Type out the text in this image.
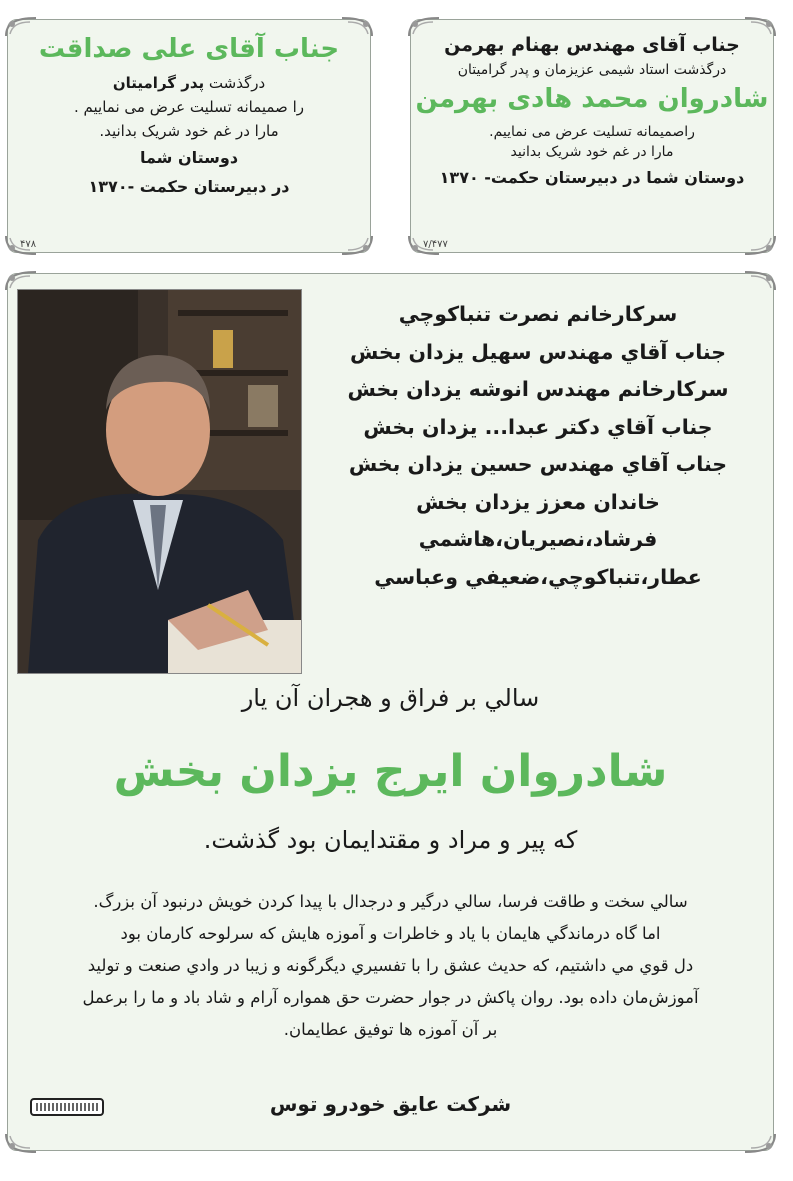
جناب آقای مهندس بهنام بهرمن
درگذشت استاد شیمی عزیزمان و پدر گرامیتان
شادروان محمد هادی بهرمن
راصمیمانه تسلیت عرض می نماییم.
مارا در غم خود شریک بدانید
دوستان شما در دبیرستان حکمت- ۱۳۷۰
۷/۴۷۷
جناب آقای علی صداقت
درگذشت پدر گرامیتان
را صمیمانه تسلیت عرض می نماییم .
مارا در غم خود شریک بدانید.
دوستان شما
در دبیرستان حکمت -۱۳۷۰
۴۷۸
سركارخانم نصرت تنباكوچي
جناب آقاي مهندس سهيل يزدان بخش
سركارخانم مهندس انوشه يزدان بخش
جناب آقاي دكتر عبدا... يزدان بخش
جناب آقاي مهندس حسين يزدان بخش
خاندان معزز يزدان بخش
فرشاد،نصيريان،هاشمي
عطار،تنباكوچي،ضعيفي وعباسي
سالي بر فراق و هجران آن يار
شادروان ايرج يزدان بخش
كه پير و مراد و مقتدايمان بود گذشت.
سالي سخت و طاقت فرسا، سالي درگير و درجدال با پيدا كردن خويش درنبود آن بزرگ.
اما گاه درماندگي هايمان با ياد و خاطرات و آموزه هايش كه سرلوحه كارمان بود
دل قوي مي داشتيم، كه حديث عشق را با تفسيري ديگرگونه و زيبا در وادي صنعت و توليد
آموزش‌مان داده بود. روان پاكش در جوار حضرت حق همواره آرام و شاد باد و ما را برعمل
بر آن آموزه ها توفيق عطايمان.
شركت عايق خودرو توس
